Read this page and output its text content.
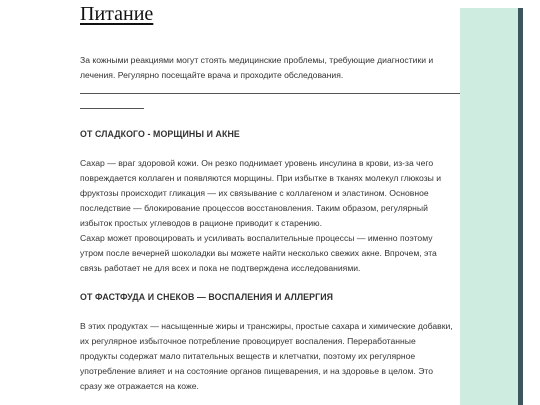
Питание

За кожными реакциями могут стоять медицинские проблемы, требующие диагностики и лечения. Регулярно посещайте врача и проходите обследования.

ОТ СЛАДКОГО - МОРЩИНЫ И АКНЕ

Сахар — враг здоровой кожи. Он резко поднимает уровень инсулина в крови, из-за чего повреждается коллаген и появляются морщины. При избытке в тканях молекул глюкозы и фруктозы происходит гликация — их связывание с коллагеном и эластином. Основное последствие — блокирование процессов восстановления. Таким образом, регулярный избыток простых углеводов в рационе приводит к старению.

Сахар может провоцировать и усиливать воспалительные процессы — именно поэтому утром после вечерней шоколадки вы можете найти несколько свежих акне. Впрочем, эта связь работает не для всех и пока не подтверждена исследованиями.

ОТ ФАСТФУДА И СНЕКОВ — ВОСПАЛЕНИЯ И АЛЛЕРГИЯ

В этих продуктах — насыщенные жиры и трансжиры, простые сахара и химические добавки, их регулярное избыточное потребление провоцирует воспаления. Переработанные продукты содержат мало питательных веществ и клетчатки, поэтому их регулярное употребление влияет и на состояние органов пищеварения, и на здоровье в целом. Это сразу же отражается на коже.
